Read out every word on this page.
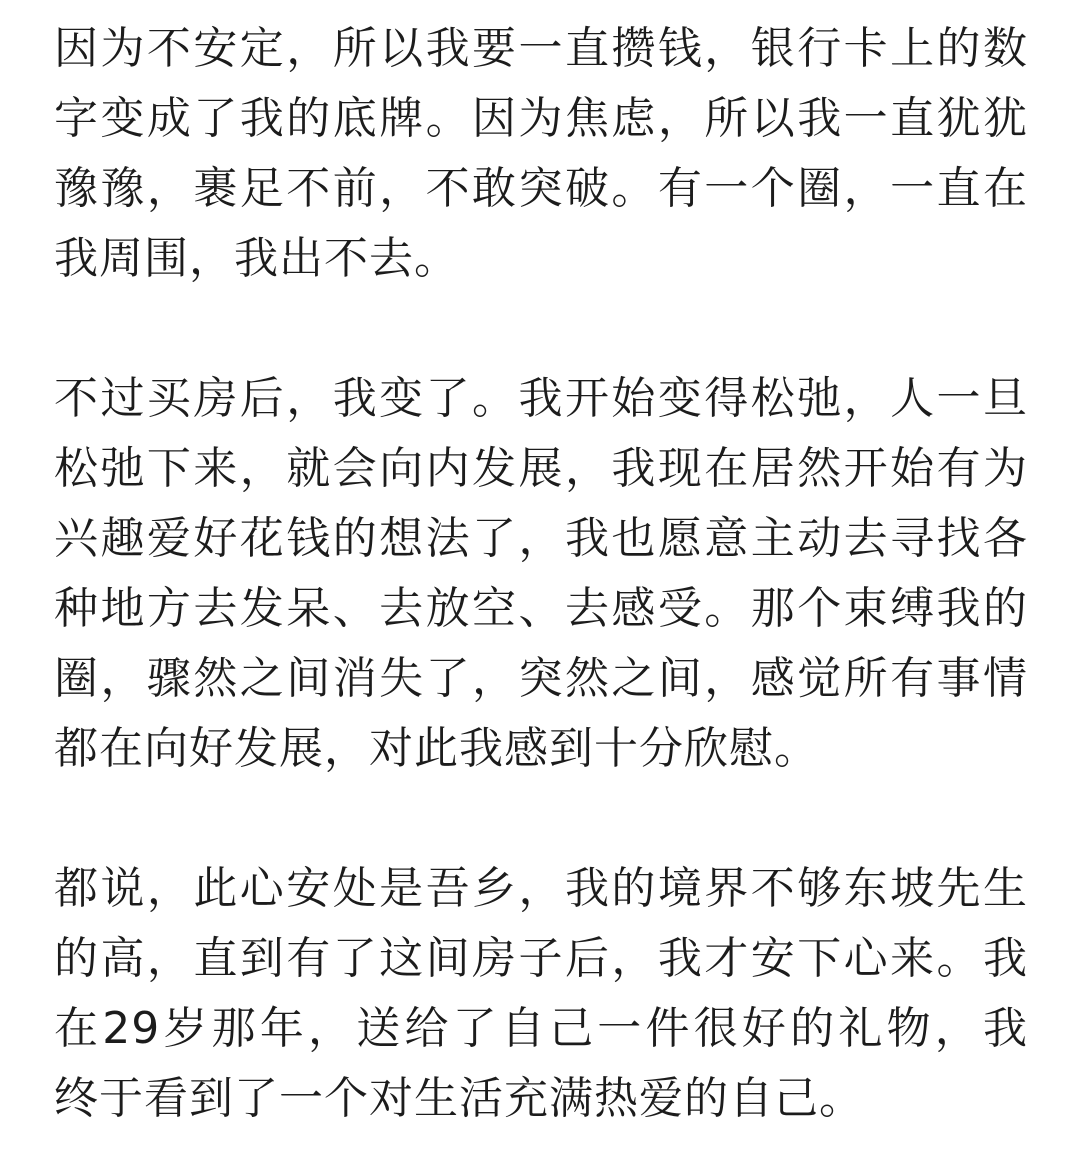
因为不安定，所以我要一直攒钱，银行卡上的数
字变成了我的底牌。因为焦虑，所以我一直犹犹
豫豫，裹足不前，不敢突破。有一个圈，一直在
我周围，我出不去。
不过买房后，我变了。我开始变得松弛，人一旦
松弛下来，就会向内发展，我现在居然开始有为
兴趣爱好花钱的想法了，我也愿意主动去寻找各
种地方去发呆、去放空、去感受。那个束缚我的
圈，骤然之间消失了，突然之间，感觉所有事情
都在向好发展，对此我感到十分欣慰。
都说，此心安处是吾乡，我的境界不够东坡先生
的高，直到有了这间房子后，我才安下心来。我
在29岁那年，送给了自己一件很好的礼物，我
终于看到了一个对生活充满热爱的自己。
